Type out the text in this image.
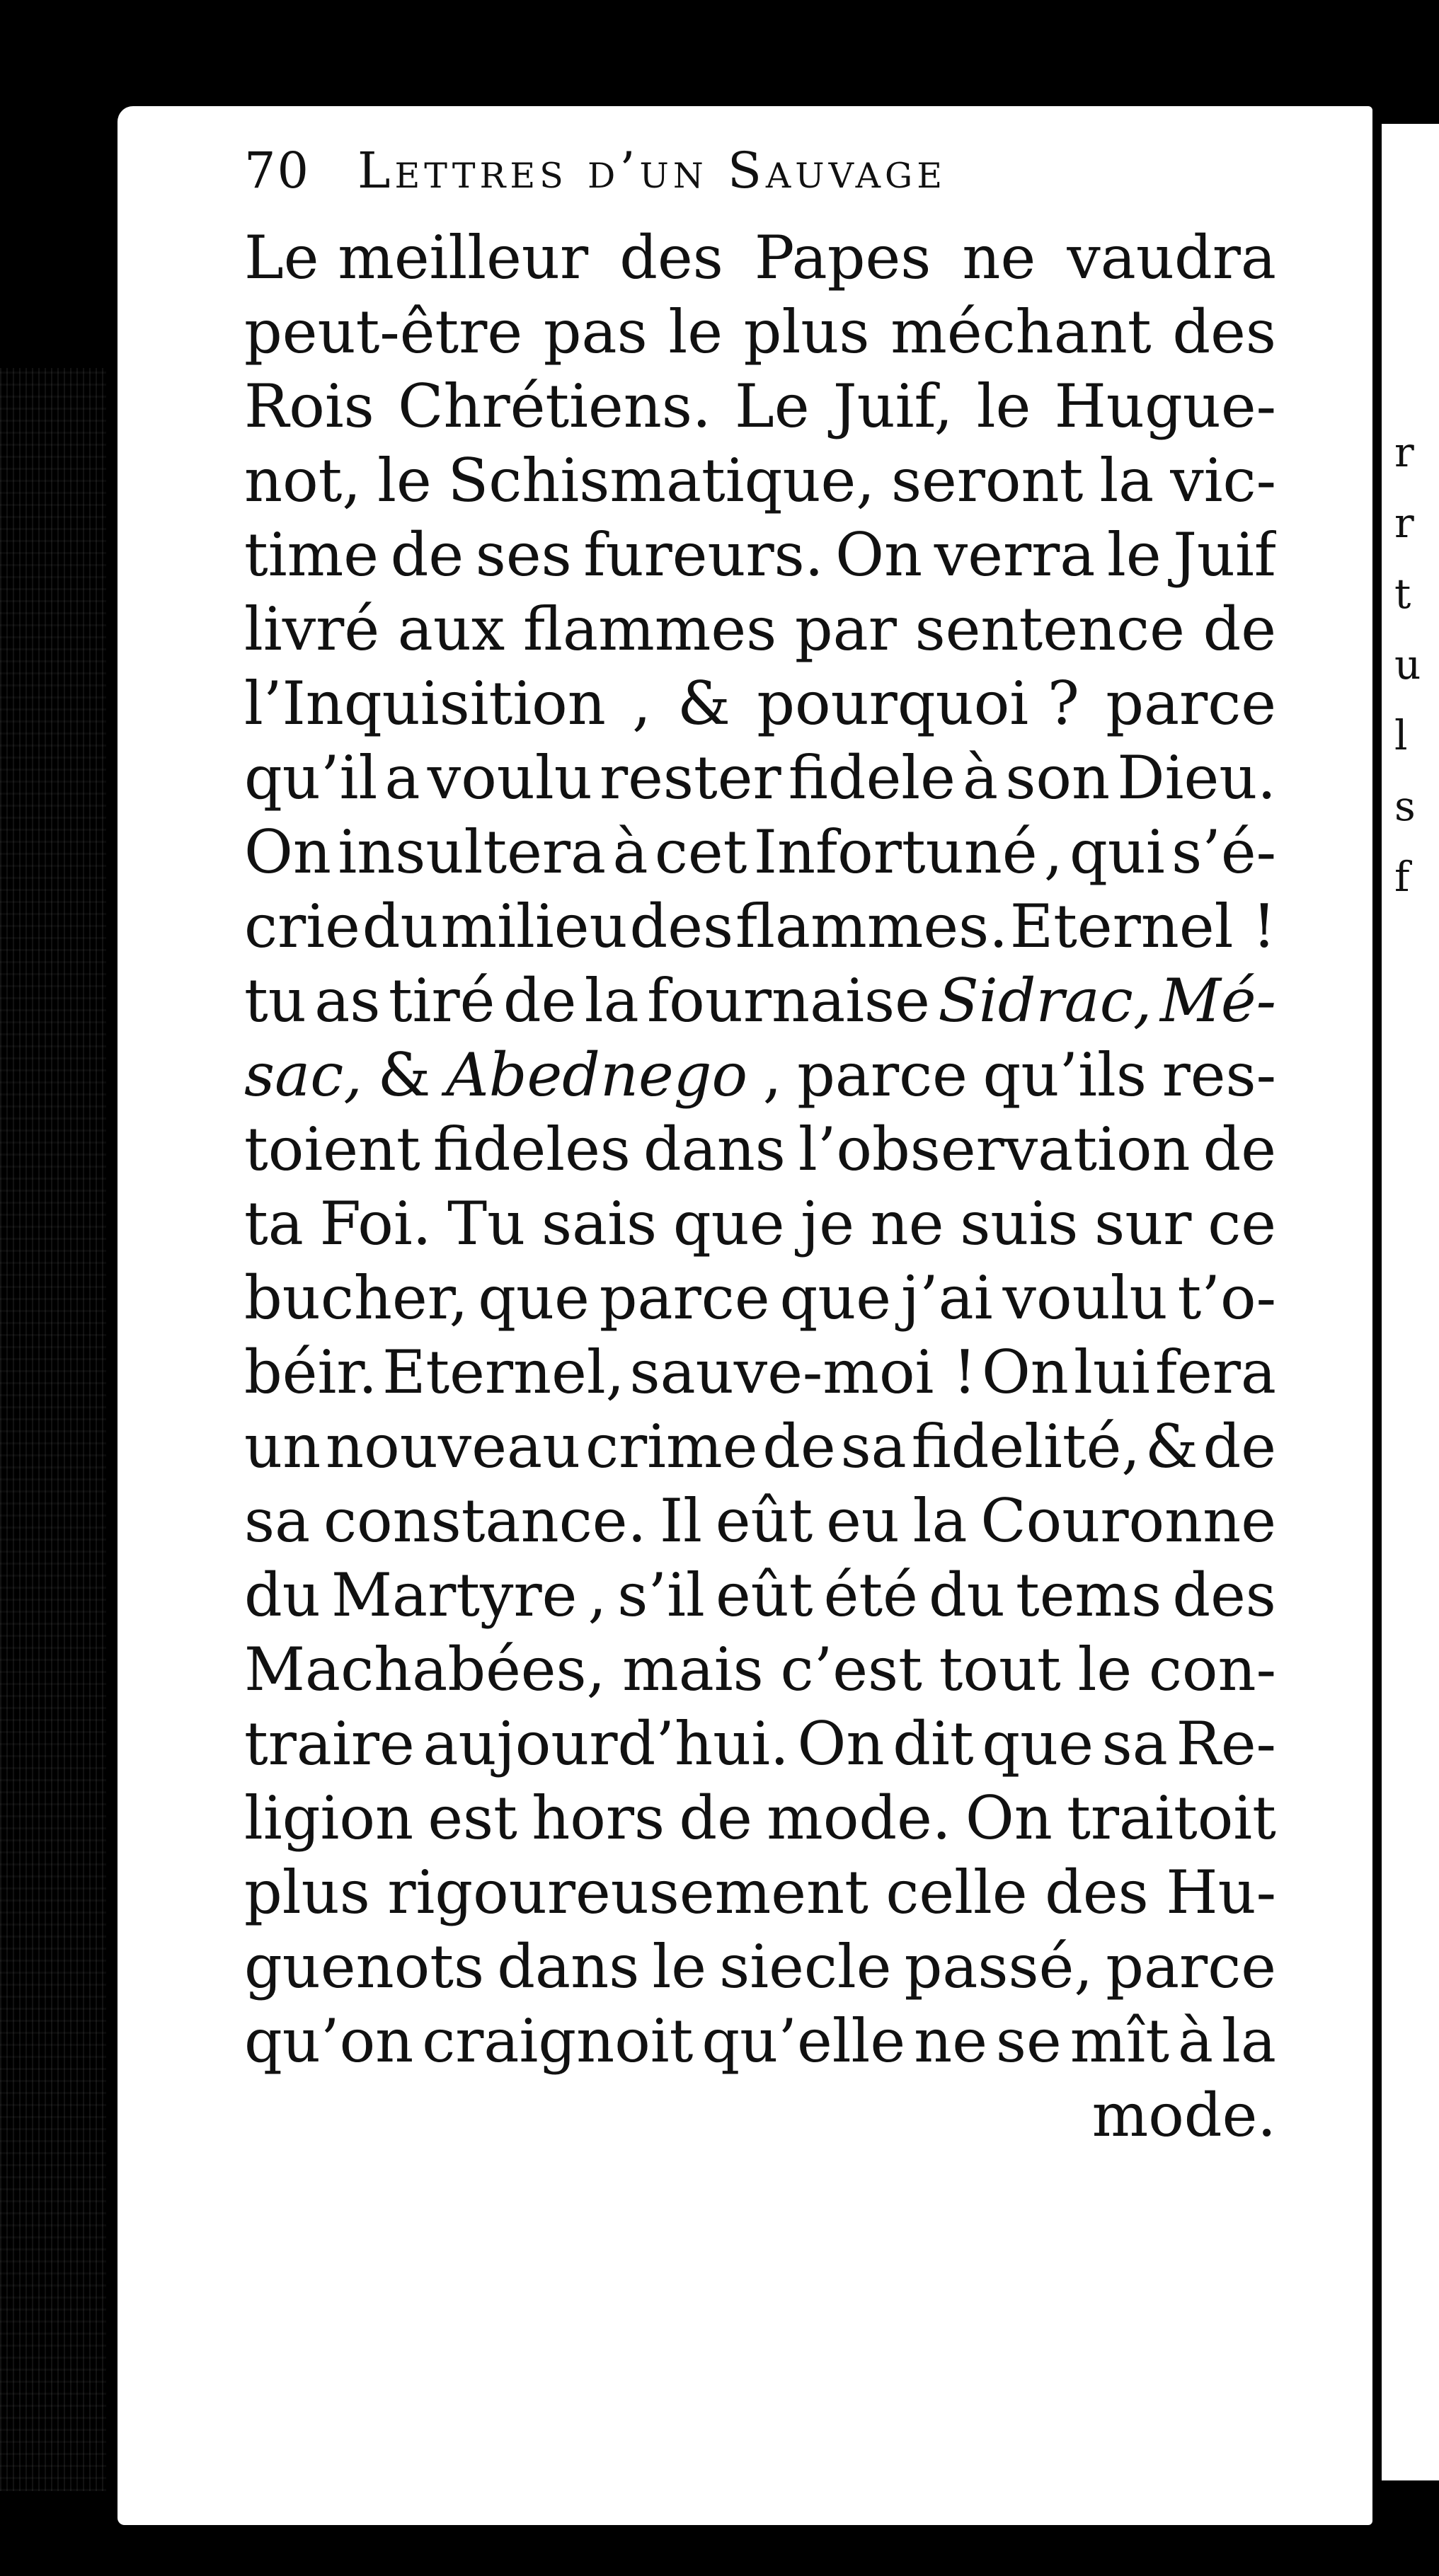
r
r
t
u
l
s
f
70 Lettres d’un Sauvage
Le meilleur des Papes ne vaudra
peut-être pas le plus méchant des
Rois Chrétiens. Le Juif, le Hugue-
not, le Schismatique, seront la vic-
time de ses fureurs. On verra le Juif
livré aux flammes par sentence de
l’Inquisition , & pourquoi ? parce
qu’il a voulu rester fidele à son Dieu.
On insultera à cet Infortuné , qui s’é-
crie du milieu des flammes. Eternel !
tu as tiré de la fournaise Sidrac, Mé-
sac, & Abednego , parce qu’ils res-
toient fideles dans l’observation de
ta Foi. Tu sais que je ne suis sur ce
bucher, que parce que j’ai voulu t’o-
béir. Eternel, sauve-moi ! On lui fera
un nouveau crime de sa fidelité, & de
sa constance. Il eût eu la Couronne
du Martyre , s’il eût été du tems des
Machabées, mais c’est tout le con-
traire aujourd’hui. On dit que sa Re-
ligion est hors de mode. On traitoit
plus rigoureusement celle des Hu-
guenots dans le siecle passé, parce
qu’on craignoit qu’elle ne se mît à la
mode.
